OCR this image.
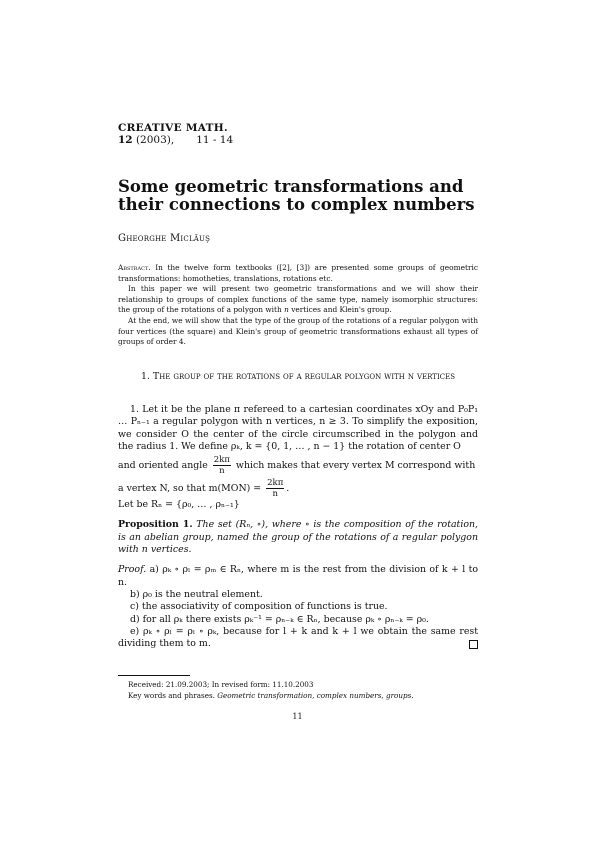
CREATIVE MATH.
12 (2003), 11 - 14
Some geometric transformations and their connections to complex numbers
Gheorghe Miclăuş

Abstract. In the twelve form textbooks ([2], [3]) are presented some groups of geometric transformations: homotheties, translations, rotations etc.

In this paper we will present two geometric transformations and we will show their relationship to groups of complex functions of the same type, namely isomorphic structures: the group of the rotations of a polygon with n vertices and Klein's group.

At the end, we will show that the type of the group of the rotations of a regular polygon with four vertices (the square) and Klein's group of geometric transformations exhaust all types of groups of order 4.

1. The group of the rotations of a regular polygon with n vertices

1. Let it be the plane π refereed to a cartesian coordinates xOy and P₀P₁ … Pₙ₋₁ a regular polygon with n vertices, n ≥ 3. To simplify the exposition, we consider O the center of the circle circumscribed in the polygon and the radius 1. We define ρₖ, k = {0, 1, … , n − 1} the rotation of center O

and oriented angle $\frac{2k\pi}{n}$ which makes that every vertex M correspond with

a vertex N, so that $m(MON) = \frac{2k\pi}{n}$ .

Let be Rₙ = {ρ₀, … , ρₙ₋₁}

Proposition 1. The set (Rₙ, ∘), where ∘ is the composition of the rotation, is an abelian group, named the group of the rotations of a regular polygon with n vertices.

Proof. a) ρₖ ∘ ρₗ = ρₘ ∈ Rₙ, where m is the rest from the division of k + l to n.

b) ρ₀ is the neutral element.

c) the associativity of composition of functions is true.

d) for all ρₖ there exists ρₖ⁻¹ = ρₙ₋ₖ ∈ Rₙ, because ρₖ ∘ ρₙ₋ₖ = ρ₀.

e) ρₖ ∘ ρₗ = ρₗ ∘ ρₖ, because for l + k and k + l we obtain the same rest dividing them to m.

Received: 21.09.2003; In revised form: 11.10.2003

Key words and phrases. Geometric transformation, complex numbers, groups.

11
